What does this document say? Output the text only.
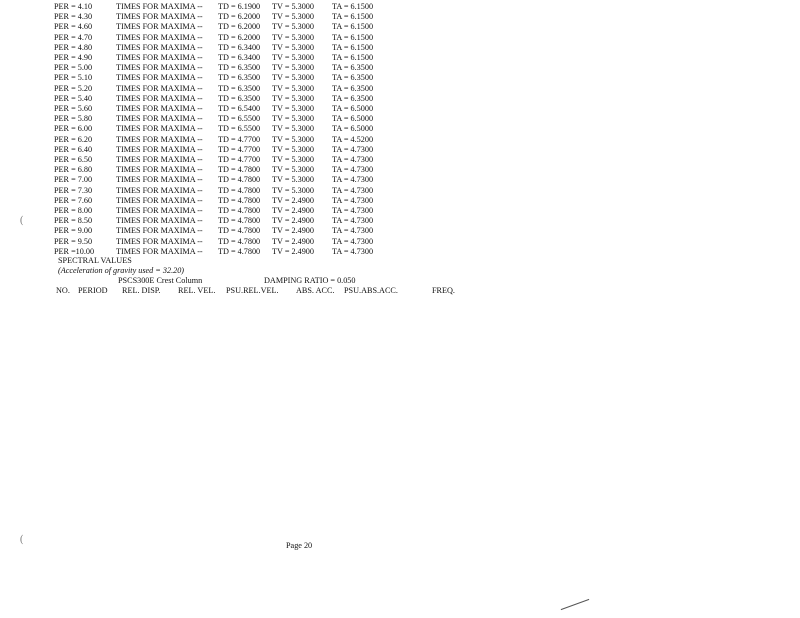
PER = 4.10	TIMES FOR MAXIMA -- TD = 6.1900 TV = 5.3000 TA = 6.1500
PER = 4.30	TIMES FOR MAXIMA -- TD = 6.2000 TV = 5.3000 TA = 6.1500
PER = 4.60	TIMES FOR MAXIMA -- TD = 6.2000 TV = 5.3000 TA = 6.1500
PER = 4.70	TIMES FOR MAXIMA -- TD = 6.2000 TV = 5.3000 TA = 6.1500
PER = 4.80	TIMES FOR MAXIMA -- TD = 6.3400 TV = 5.3000 TA = 6.1500
PER = 4.90	TIMES FOR MAXIMA -- TD = 6.3400 TV = 5.3000 TA = 6.1500
PER = 5.00	TIMES FOR MAXIMA -- TD = 6.3500 TV = 5.3000 TA = 6.3500
PER = 5.10	TIMES FOR MAXIMA -- TD = 6.3500 TV = 5.3000 TA = 6.3500
PER = 5.20	TIMES FOR MAXIMA -- TD = 6.3500 TV = 5.3000 TA = 6.3500
PER = 5.40	TIMES FOR MAXIMA -- TD = 6.3500 TV = 5.3000 TA = 6.3500
PER = 5.60	TIMES FOR MAXIMA -- TD = 6.5400 TV = 5.3000 TA = 6.5000
PER = 5.80	TIMES FOR MAXIMA -- TD = 6.5500 TV = 5.3000 TA = 6.5000
PER = 6.00	TIMES FOR MAXIMA -- TD = 6.5500 TV = 5.3000 TA = 6.5000
PER = 6.20	TIMES FOR MAXIMA -- TD = 4.7700 TV = 5.3000 TA = 4.5200
PER = 6.40	TIMES FOR MAXIMA -- TD = 4.7700 TV = 5.3000 TA = 4.7300
PER = 6.50	TIMES FOR MAXIMA -- TD = 4.7700 TV = 5.3000 TA = 4.7300
PER = 6.80	TIMES FOR MAXIMA -- TD = 4.7800 TV = 5.3000 TA = 4.7300
PER = 7.00	TIMES FOR MAXIMA -- TD = 4.7800 TV = 5.3000 TA = 4.7300
PER = 7.30	TIMES FOR MAXIMA -- TD = 4.7800 TV = 5.3000 TA = 4.7300
PER = 7.60	TIMES FOR MAXIMA -- TD = 4.7800 TV = 2.4900 TA = 4.7300
PER = 8.00	TIMES FOR MAXIMA -- TD = 4.7800 TV = 2.4900 TA = 4.7300
PER = 8.50	TIMES FOR MAXIMA -- TD = 4.7800 TV = 2.4900 TA = 4.7300
PER = 9.00	TIMES FOR MAXIMA -- TD = 4.7800 TV = 2.4900 TA = 4.7300
PER = 9.50	TIMES FOR MAXIMA -- TD = 4.7800 TV = 2.4900 TA = 4.7300
PER =10.00	TIMES FOR MAXIMA -- TD = 4.7800 TV = 2.4900 TA = 4.7300
SPECTRAL VALUES
(Acceleration of gravity used = 32.20)
PSCS300E Crest Column	DAMPING RATIO = 0.050
NO. PERIOD REL. DISP. REL. VEL. PSU.REL.VEL. ABS. ACC. PSU.ABS.ACC.	FREQ.
Page 20
(
(
